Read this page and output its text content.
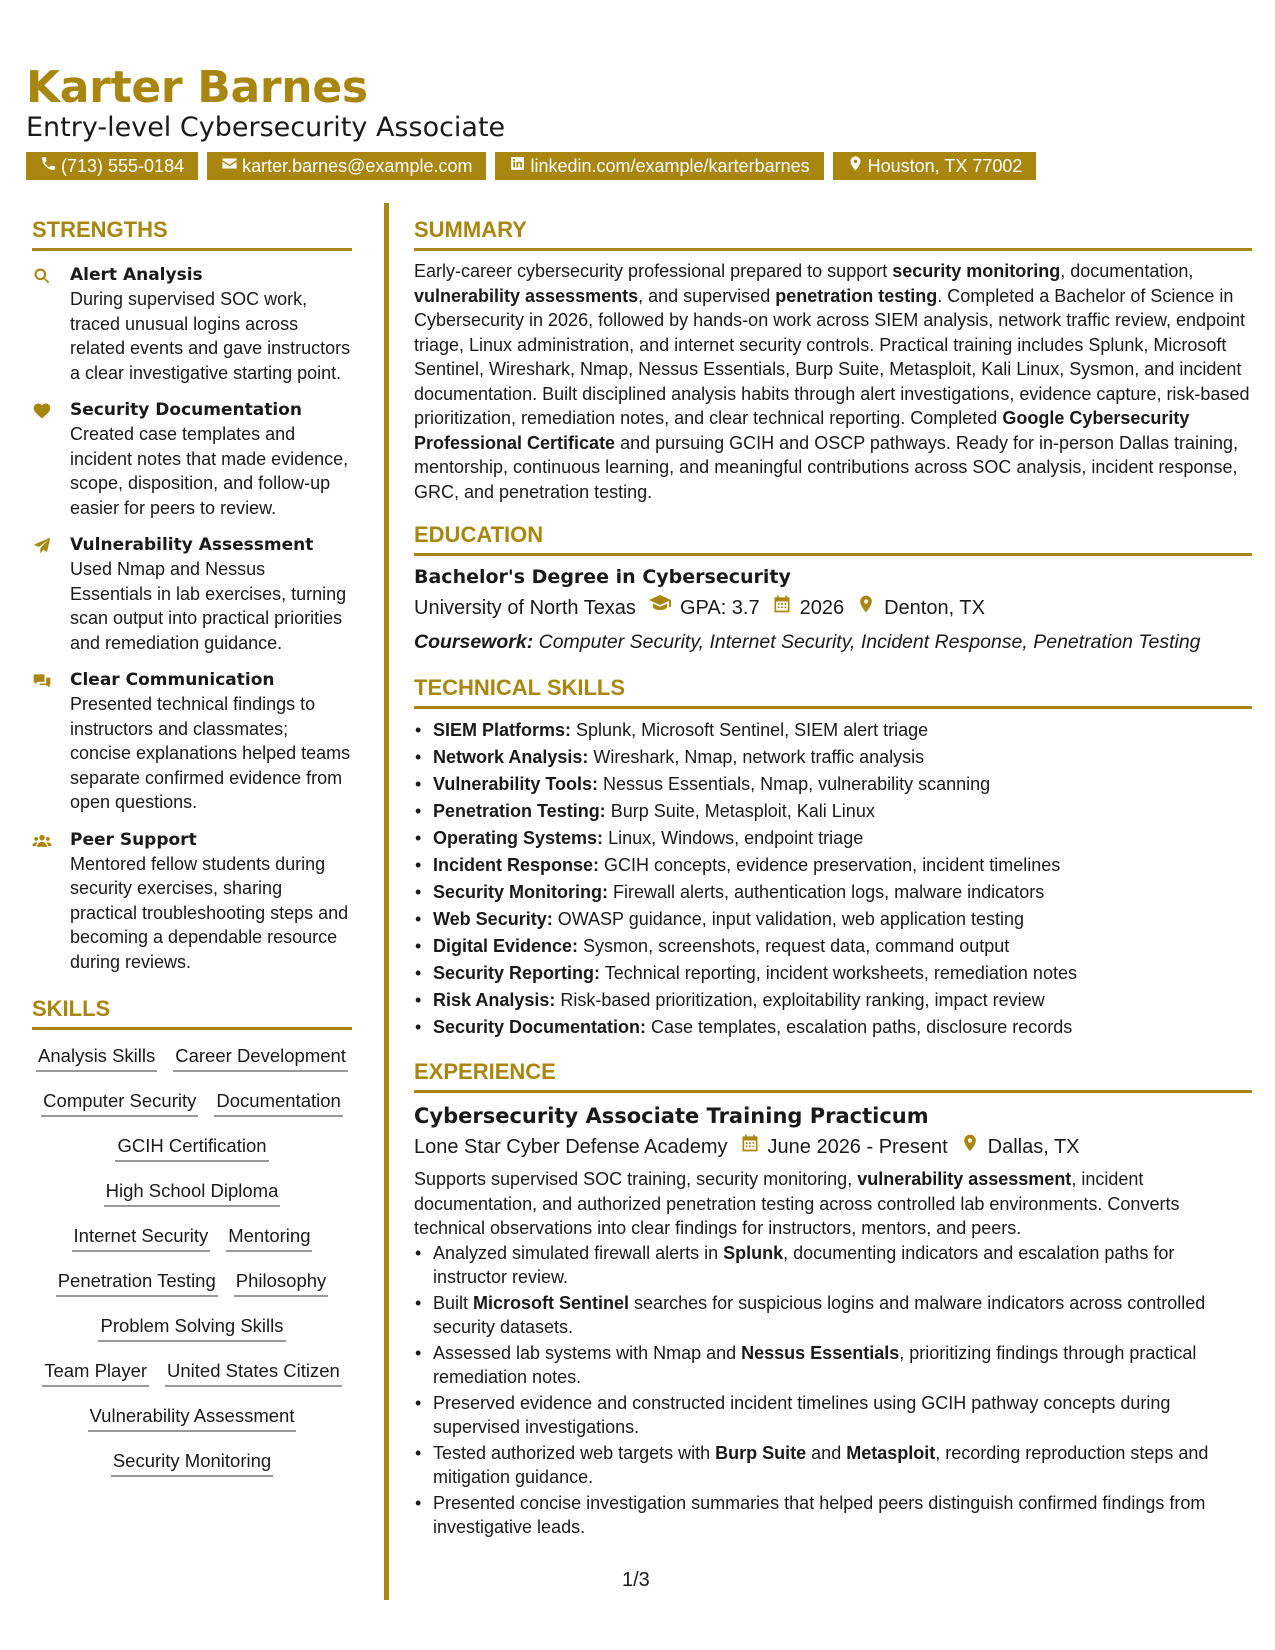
Karter Barnes
Entry-level Cybersecurity Associate
(713) 555-0184	karter.barnes@example.com	linkedin.com/example/karterbarnes	Houston, TX 77002
STRENGTHS
Alert Analysis
During supervised SOC work, traced unusual logins across related events and gave instructors a clear investigative starting point.
Security Documentation
Created case templates and incident notes that made evidence, scope, disposition, and follow-up easier for peers to review.
Vulnerability Assessment
Used Nmap and Nessus Essentials in lab exercises, turning scan output into practical priorities and remediation guidance.
Clear Communication
Presented technical findings to instructors and classmates; concise explanations helped teams separate confirmed evidence from open questions.
Peer Support
Mentored fellow students during security exercises, sharing practical troubleshooting steps and becoming a dependable resource during reviews.
SKILLS
Analysis Skills Career Development
Computer Security Documentation
GCIH Certification
High School Diploma
Internet Security Mentoring
Penetration Testing Philosophy
Problem Solving Skills
Team Player United States Citizen
Vulnerability Assessment
Security Monitoring
SUMMARY
Early-career cybersecurity professional prepared to support security monitoring, documentation, vulnerability assessments, and supervised penetration testing. Completed a Bachelor of Science in Cybersecurity in 2026, followed by hands-on work across SIEM analysis, network traffic review, endpoint triage, Linux administration, and internet security controls. Practical training includes Splunk, Microsoft Sentinel, Wireshark, Nmap, Nessus Essentials, Burp Suite, Metasploit, Kali Linux, Sysmon, and incident documentation. Built disciplined analysis habits through alert investigations, evidence capture, risk-based prioritization, remediation notes, and clear technical reporting. Completed Google Cybersecurity Professional Certificate and pursuing GCIH and OSCP pathways. Ready for in-person Dallas training, mentorship, continuous learning, and meaningful contributions across SOC analysis, incident response, GRC, and penetration testing.
EDUCATION
Bachelor's Degree in Cybersecurity
University of North Texas GPA: 3.7 2026 Denton, TX
Coursework: Computer Security, Internet Security, Incident Response, Penetration Testing
TECHNICAL SKILLS
• SIEM Platforms: Splunk, Microsoft Sentinel, SIEM alert triage
• Network Analysis: Wireshark, Nmap, network traffic analysis
• Vulnerability Tools: Nessus Essentials, Nmap, vulnerability scanning
• Penetration Testing: Burp Suite, Metasploit, Kali Linux
• Operating Systems: Linux, Windows, endpoint triage
• Incident Response: GCIH concepts, evidence preservation, incident timelines
• Security Monitoring: Firewall alerts, authentication logs, malware indicators
• Web Security: OWASP guidance, input validation, web application testing
• Digital Evidence: Sysmon, screenshots, request data, command output
• Security Reporting: Technical reporting, incident worksheets, remediation notes
• Risk Analysis: Risk-based prioritization, exploitability ranking, impact review
• Security Documentation: Case templates, escalation paths, disclosure records
EXPERIENCE
Cybersecurity Associate Training Practicum
Lone Star Cyber Defense Academy June 2026 - Present Dallas, TX
Supports supervised SOC training, security monitoring, vulnerability assessment, incident documentation, and authorized penetration testing across controlled lab environments. Converts technical observations into clear findings for instructors, mentors, and peers.
• Analyzed simulated firewall alerts in Splunk, documenting indicators and escalation paths for instructor review.
• Built Microsoft Sentinel searches for suspicious logins and malware indicators across controlled security datasets.
• Assessed lab systems with Nmap and Nessus Essentials, prioritizing findings through practical remediation notes.
• Preserved evidence and constructed incident timelines using GCIH pathway concepts during supervised investigations.
• Tested authorized web targets with Burp Suite and Metasploit, recording reproduction steps and mitigation guidance.
• Presented concise investigation summaries that helped peers distinguish confirmed findings from investigative leads.
1/3
